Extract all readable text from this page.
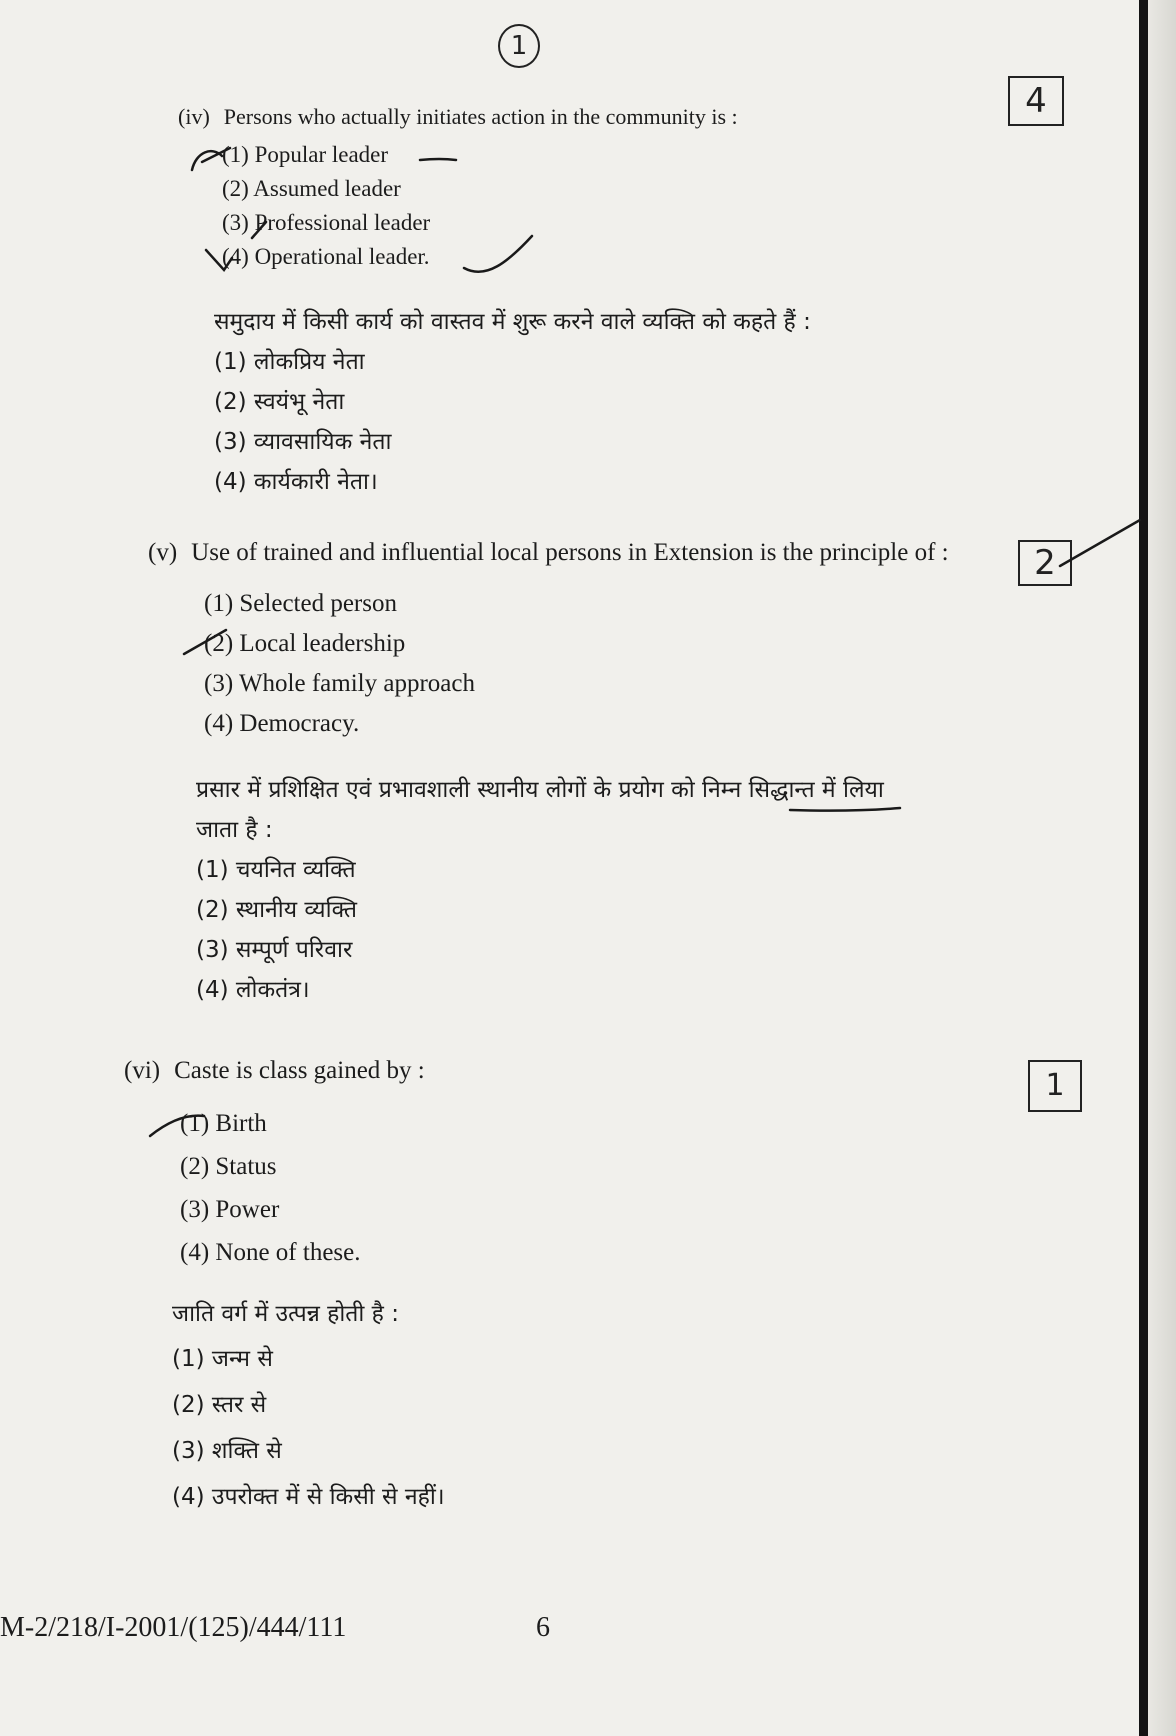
1
(iv) Persons who actually initiates action in the community is :
(1) Popular leader
(2) Assumed leader
(3) Professional leader
(4) Operational leader.
समुदाय में किसी कार्य को वास्तव में शुरू करने वाले व्यक्ति को कहते हैं :
(1) लोकप्रिय नेता
(2) स्वयंभू नेता
(3) व्यावसायिक नेता
(4) कार्यकारी नेता।
4
(v) Use of trained and influential local persons in Extension is the principle of :
(1) Selected person
(2) Local leadership
(3) Whole family approach
(4) Democracy.
प्रसार में प्रशिक्षित एवं प्रभावशाली स्थानीय लोगों के प्रयोग को निम्न सिद्धान्त में लिया
जाता है :
(1) चयनित व्यक्ति
(2) स्थानीय व्यक्ति
(3) सम्पूर्ण परिवार
(4) लोकतंत्र।
2
(vi) Caste is class gained by :
(1) Birth
(2) Status
(3) Power
(4) None of these.
जाति वर्ग में उत्पन्न होती है :
(1) जन्म से
(2) स्तर से
(3) शक्ति से
(4) उपरोक्त में से किसी से नहीं।
1
M-2/218/I-2001/(125)/444/111	6
